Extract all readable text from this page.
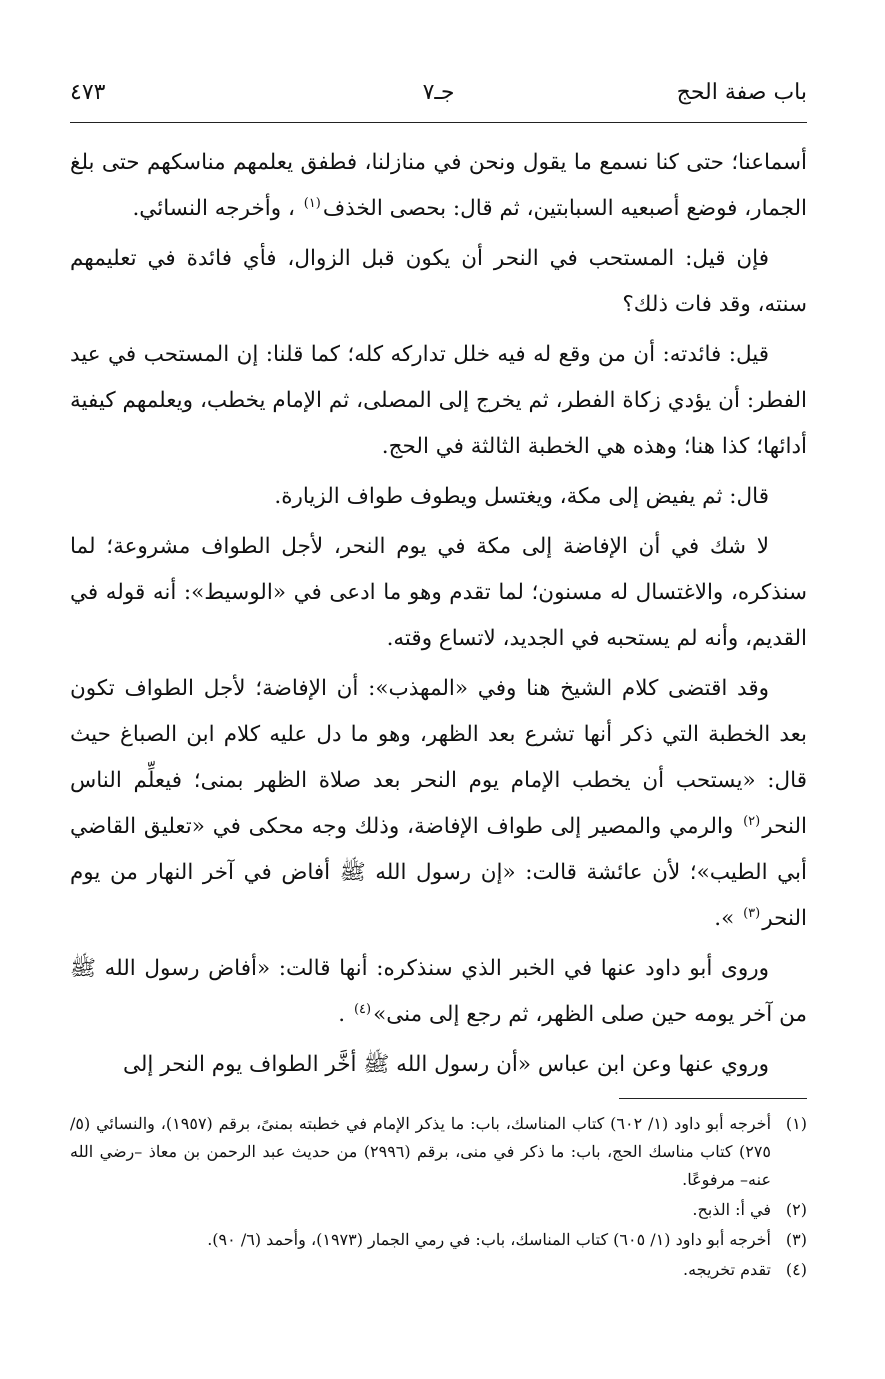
باب صفة الحج
جـ٧
٤٧٣

أسماعنا؛ حتى كنا نسمع ما يقول ونحن في منازلنا، فطفق يعلمهم مناسكهم حتى بلغ الجمار، فوضع أصبعيه السبابتين، ثم قال: بحصى الخذف$^{(١)}$ ، وأخرجه النسائي.

فإن قيل: المستحب في النحر أن يكون قبل الزوال، فأي فائدة في تعليمهم سنته، وقد فات ذلك؟

قيل: فائدته: أن من وقع له فيه خلل تداركه كله؛ كما قلنا: إن المستحب في عيد الفطر: أن يؤدي زكاة الفطر، ثم يخرج إلى المصلى، ثم الإمام يخطب، ويعلمهم كيفية أدائها؛ كذا هنا؛ وهذه هي الخطبة الثالثة في الحج.

قال: ثم يفيض إلى مكة، ويغتسل ويطوف طواف الزيارة.

لا شك في أن الإفاضة إلى مكة في يوم النحر، لأجل الطواف مشروعة؛ لما سنذكره، والاغتسال له مسنون؛ لما تقدم وهو ما ادعى في «الوسيط»: أنه قوله في القديم، وأنه لم يستحبه في الجديد، لاتساع وقته.

وقد اقتضى كلام الشيخ هنا وفي «المهذب»: أن الإفاضة؛ لأجل الطواف تكون بعد الخطبة التي ذكر أنها تشرع بعد الظهر، وهو ما دل عليه كلام ابن الصباغ حيث قال: «يستحب أن يخطب الإمام يوم النحر بعد صلاة الظهر بمنى؛ فيعلِّم الناس النحر$^{(٢)}$ والرمي والمصير إلى طواف الإفاضة، وذلك وجه محكى في «تعليق القاضي أبي الطيب»؛ لأن عائشة قالت: «إن رسول الله ﷺ أفاض في آخر النهار من يوم النحر$^{(٣)}$ ».

وروى أبو داود عنها في الخبر الذي سنذكره: أنها قالت: «أفاض رسول الله ﷺ من آخر يومه حين صلى الظهر، ثم رجع إلى منى»$^{(٤)}$ .

وروي عنها وعن ابن عباس «أن رسول الله ﷺ أخَّر الطواف يوم النحر إلى

(١)
أخرجه أبو داود (١/ ٦٠٢) كتاب المناسك، باب: ما يذكر الإمام في خطبته بمنىً، برقم (١٩٥٧)، والنسائي (٥/ ٢٧٥) كتاب مناسك الحج، باب: ما ذكر في منى، برقم (٢٩٩٦) من حديث عبد الرحمن بن معاذ –رضي الله عنه– مرفوعًا.
(٢)
في أ: الذبح.
(٣)
أخرجه أبو داود (١/ ٦٠٥) كتاب المناسك، باب: في رمي الجمار (١٩٧٣)، وأحمد (٦/ ٩٠).
(٤)
تقدم تخريجه.
